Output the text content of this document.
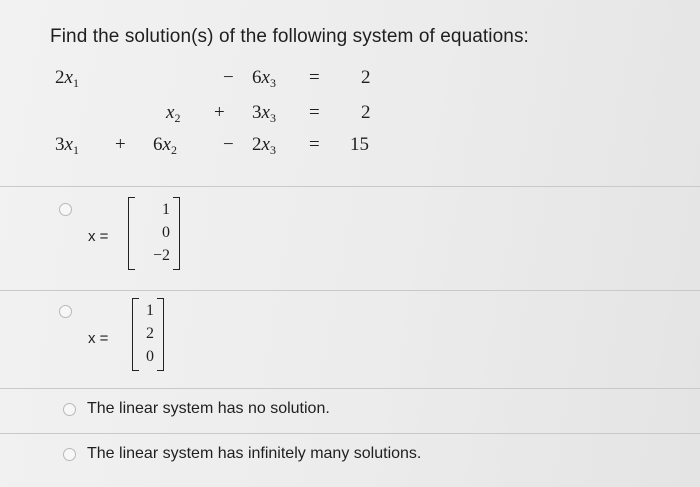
Find the solution(s) of the following system of equations:
$2x_1$	− $6x_3 = 2$
$x_2 + 3x_3 = 2$
$3x_1 + 6x_2 - 2x_3 = 15$
x =
1
0
−2
x =
1
2
0
The linear system has no solution.
The linear system has infinitely many solutions.
